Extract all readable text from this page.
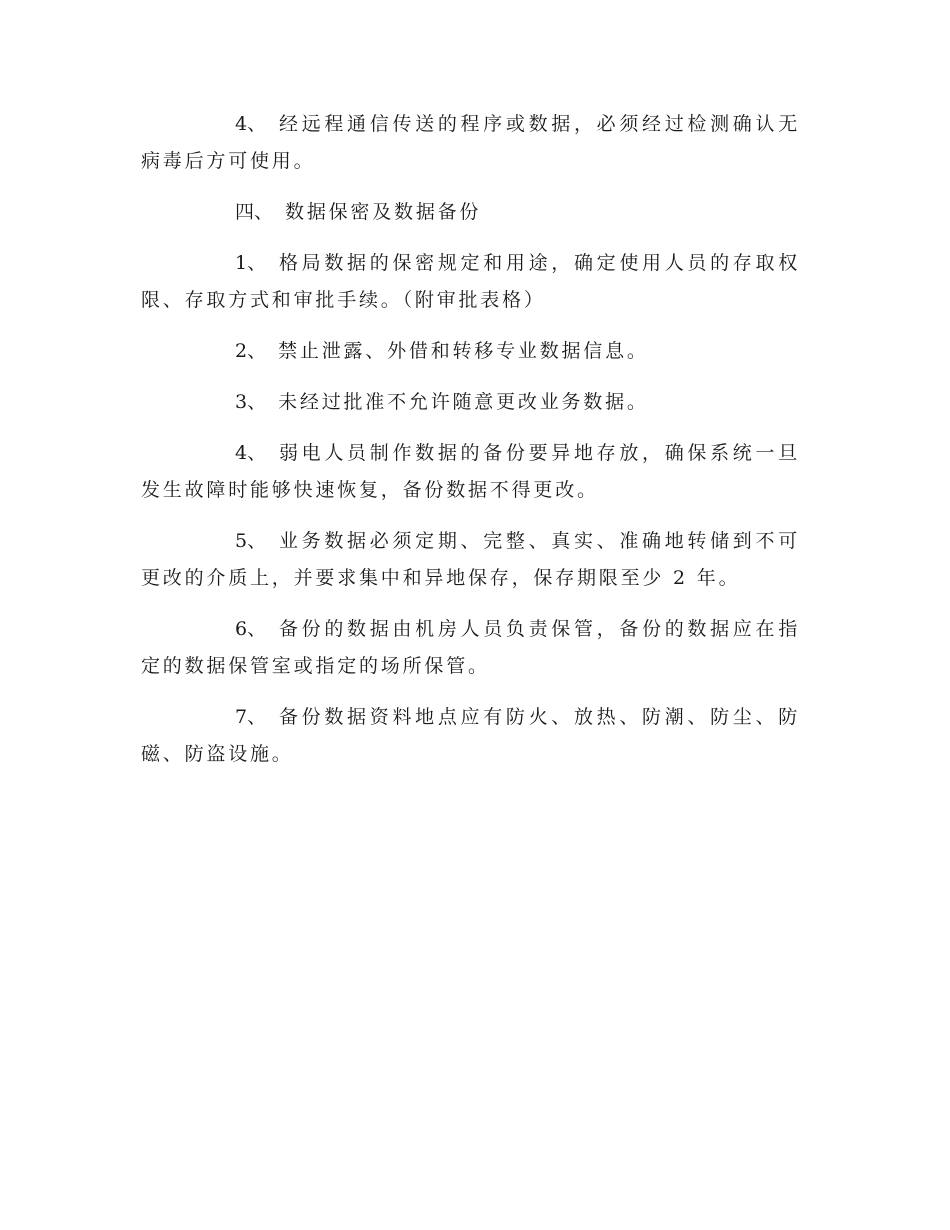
4、 经远程通信传送的程序或数据，必须经过检测确认无病毒后方可使用。

四、 数据保密及数据备份

1、 格局数据的保密规定和用途，确定使用人员的存取权限、存取方式和审批手续。（附审批表格）

2、 禁止泄露、外借和转移专业数据信息。

3、 未经过批准不允许随意更改业务数据。

4、 弱电人员制作数据的备份要异地存放，确保系统一旦发生故障时能够快速恢复，备份数据不得更改。

5、 业务数据必须定期、完整、真实、准确地转储到不可更改的介质上，并要求集中和异地保存，保存期限至少 2 年。

6、 备份的数据由机房人员负责保管，备份的数据应在指定的数据保管室或指定的场所保管。

7、 备份数据资料地点应有防火、放热、防潮、防尘、防磁、防盗设施。
